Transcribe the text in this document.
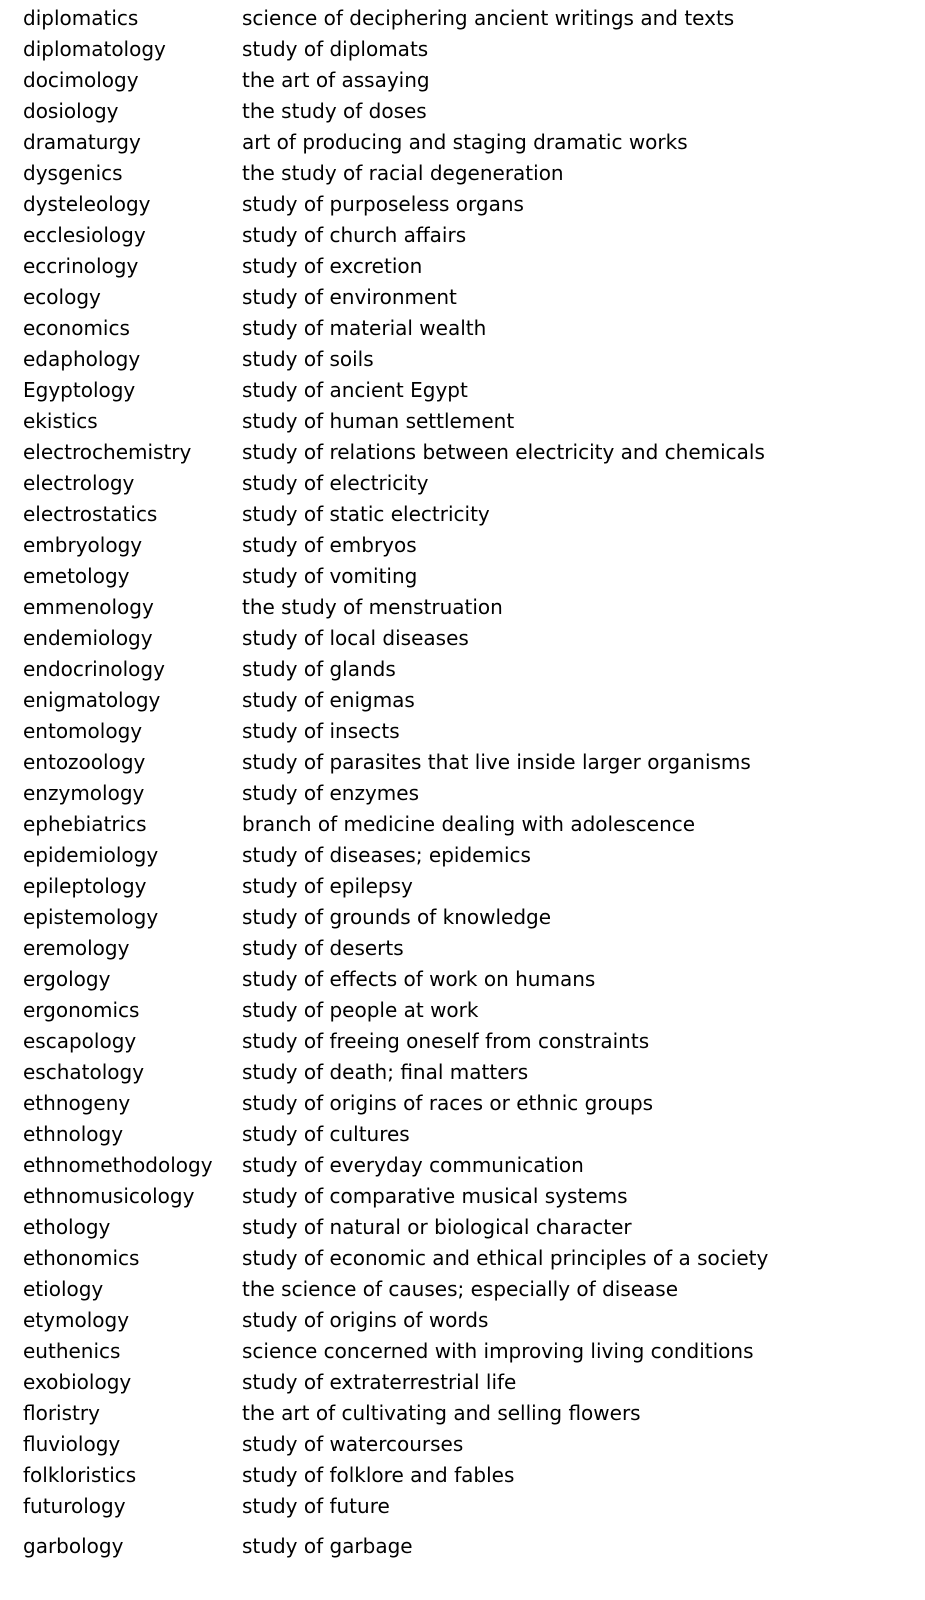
diplomatics	science of deciphering ancient writings and texts
diplomatology	study of diplomats
docimology	the art of assaying
dosiology	the study of doses
dramaturgy	art of producing and staging dramatic works
dysgenics	the study of racial degeneration
dysteleology	study of purposeless organs
ecclesiology	study of church affairs
eccrinology	study of excretion
ecology	study of environment
economics	study of material wealth
edaphology	study of soils
Egyptology	study of ancient Egypt
ekistics	study of human settlement
electrochemistry	study of relations between electricity and chemicals
electrology	study of electricity
electrostatics	study of static electricity
embryology	study of embryos
emetology	study of vomiting
emmenology	the study of menstruation
endemiology	study of local diseases
endocrinology	study of glands
enigmatology	study of enigmas
entomology	study of insects
entozoology	study of parasites that live inside larger organisms
enzymology	study of enzymes
ephebiatrics	branch of medicine dealing with adolescence
epidemiology	study of diseases; epidemics
epileptology	study of epilepsy
epistemology	study of grounds of knowledge
eremology	study of deserts
ergology	study of effects of work on humans
ergonomics	study of people at work
escapology	study of freeing oneself from constraints
eschatology	study of death; final matters
ethnogeny	study of origins of races or ethnic groups
ethnology	study of cultures
ethnomethodology	study of everyday communication
ethnomusicology	study of comparative musical systems
ethology	study of natural or biological character
ethonomics	study of economic and ethical principles of a society
etiology	the science of causes; especially of disease
etymology	study of origins of words
euthenics	science concerned with improving living conditions
exobiology	study of extraterrestrial life
floristry	the art of cultivating and selling flowers
fluviology	study of watercourses
folkloristics	study of folklore and fables
futurology	study of future
garbology	study of garbage
